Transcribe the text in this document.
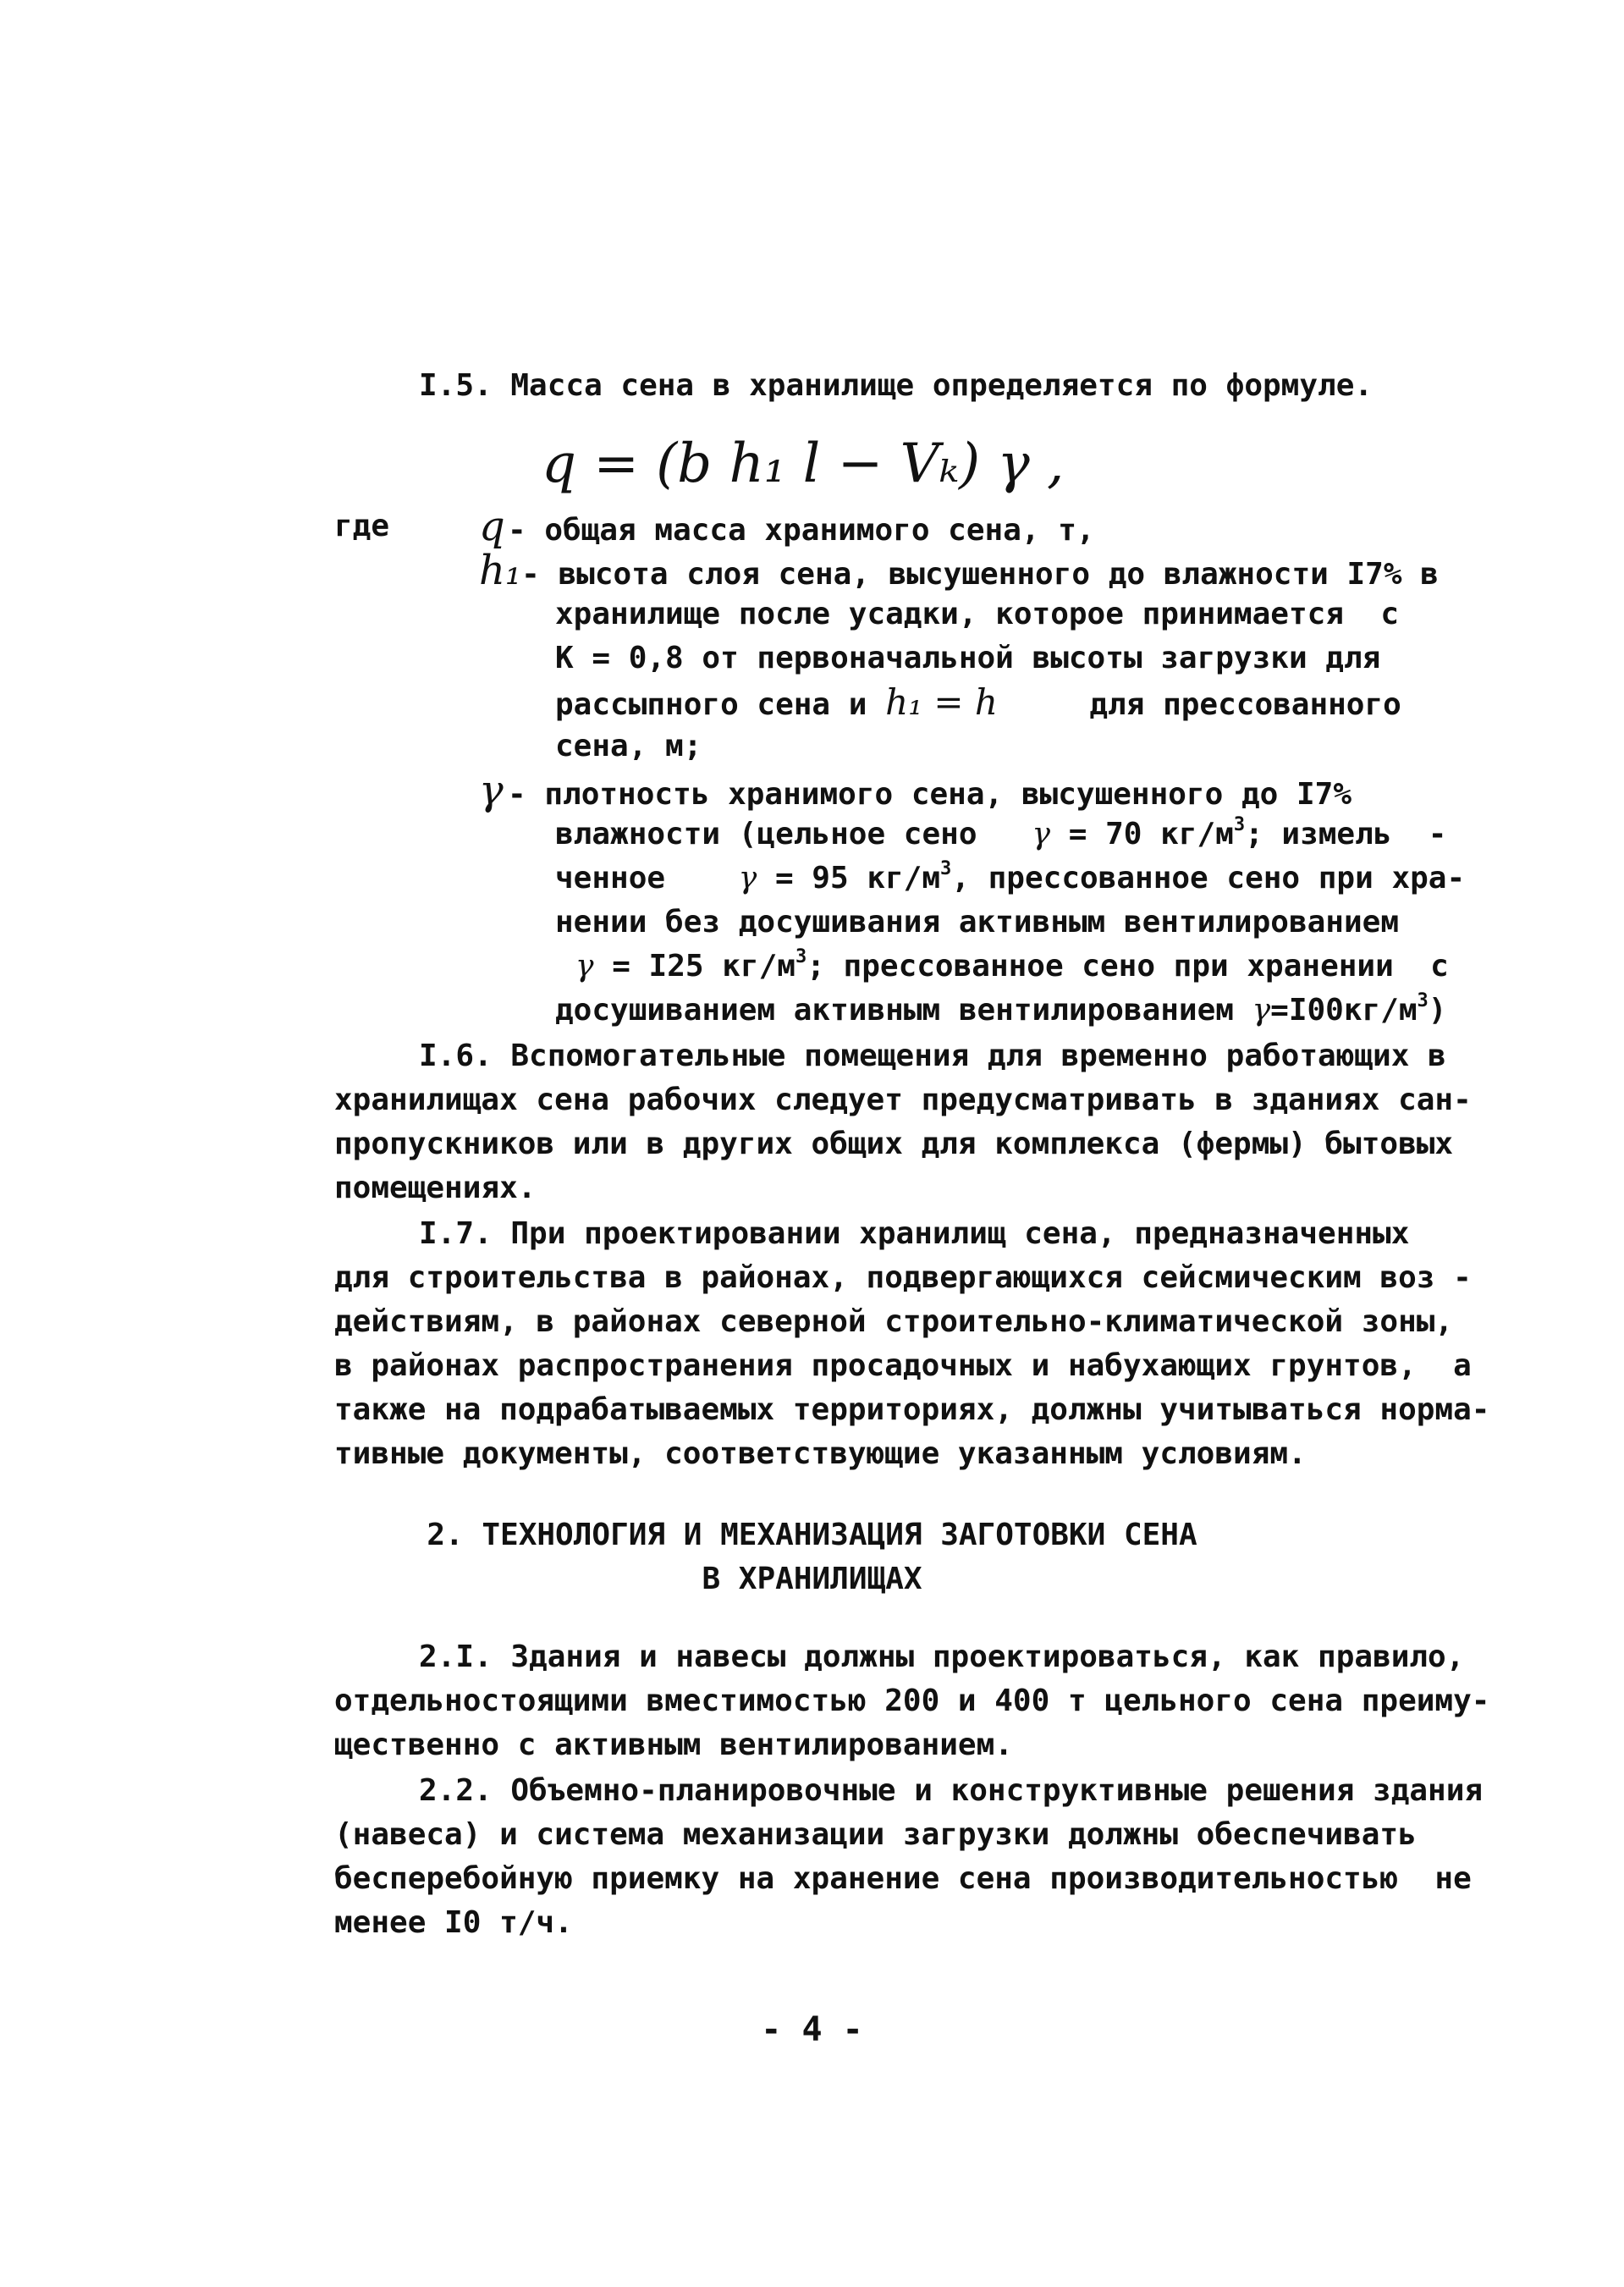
I.5. Масса сена в хранилище определяется по формуле.
q = (b h₁ l − Vₖ) γ ,
где q- общая масса хранимого сена, т,
h₁- высота слоя сена, высушенного до влажности I7% в
хранилище после усадки, которое принимается  с
К = 0,8 от первоначальной высоты загрузки для
рассыпного сена и h₁ = h	для прессованного
сена, м;
γ - плотность хранимого сена, высушенного до I7%
влажности (цельное сено γ = 70 $кг/м^3$; измель  -
ченное γ = 95 $кг/м^3$, прессованное сено при хра-
нении без досушивания активным вентилированием
γ = I25 $кг/м^3$; прессованное сено при хранении  с
досушиванием активным вентилированием $\gamma=I00кг/м^3$)
I.6. Вспомогательные помещения для временно работающих в
хранилищах сена рабочих следует предусматривать в зданиях сан-
пропускников или в других общих для комплекса (фермы) бытовых
помещениях.
I.7. При проектировании хранилищ сена, предназначенных
для строительства в районах, подвергающихся сейсмическим воз -
действиям, в районах северной строительно-климатической зоны,
в районах распространения просадочных и набухающих грунтов,  а
также на подрабатываемых территориях, должны учитываться норма-
тивные документы, соответствующие указанным условиям.
2. ТЕХНОЛОГИЯ И МЕХАНИЗАЦИЯ ЗАГОТОВКИ СЕНА
В ХРАНИЛИЩАХ
2.I. Здания и навесы должны проектироваться, как правило,
отдельностоящими вместимостью 200 и 400 т цельного сена преиму-
щественно с активным вентилированием.
2.2. Объемно-планировочные и конструктивные решения здания
(навеса) и система механизации загрузки должны обеспечивать
бесперебойную приемку на хранение сена производительностью  не
менее I0 т/ч.
- 4 -
